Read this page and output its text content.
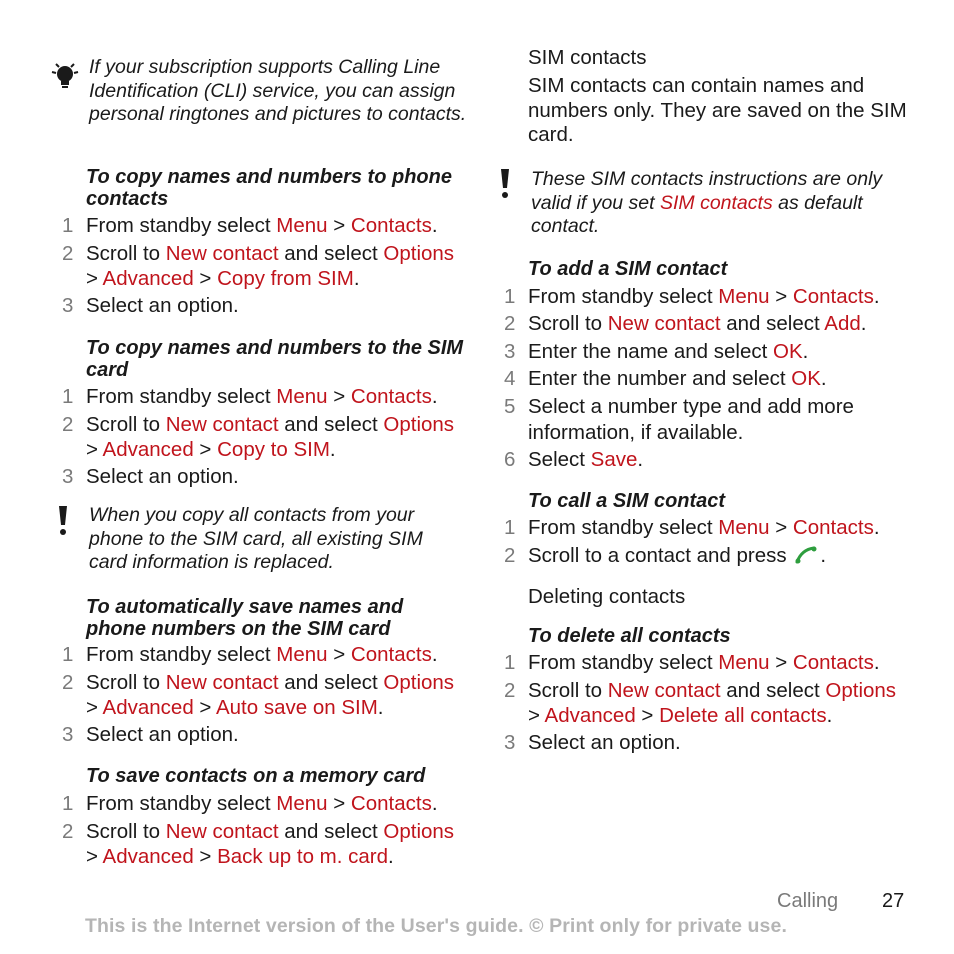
If your subscription supports Calling Line Identification (CLI) service, you can assign personal ringtones and pictures to contacts.
To copy names and numbers to phone contacts
1 From standby select Menu > Contacts.
2 Scroll to New contact and select Options
> Advanced > Copy from SIM.
3 Select an option.
To copy names and numbers to the SIM card
1 From standby select Menu > Contacts.
2 Scroll to New contact and select Options
> Advanced > Copy to SIM.
3 Select an option.
When you copy all contacts from your phone to the SIM card, all existing SIM card information is replaced.
To automatically save names and phone numbers on the SIM card
1 From standby select Menu > Contacts.
2 Scroll to New contact and select Options
> Advanced > Auto save on SIM.
3 Select an option.
To save contacts on a memory card
1 From standby select Menu > Contacts.
2 Scroll to New contact and select Options
> Advanced > Back up to m. card.
SIM contacts
SIM contacts can contain names and numbers only. They are saved on the SIM card.
These SIM contacts instructions are only valid if you set SIM contacts as default contact.
To add a SIM contact
1 From standby select Menu > Contacts.
2 Scroll to New contact and select Add.
3 Enter the name and select OK.
4 Enter the number and select OK.
5 Select a number type and add more information, if available.
6 Select Save.
To call a SIM contact
1 From standby select Menu > Contacts.
2 Scroll to a contact and press .
Deleting contacts
To delete all contacts
1 From standby select Menu > Contacts.
2 Scroll to New contact and select Options
> Advanced > Delete all contacts.
3 Select an option.
Calling 27
This is the Internet version of the User's guide. © Print only for private use.
